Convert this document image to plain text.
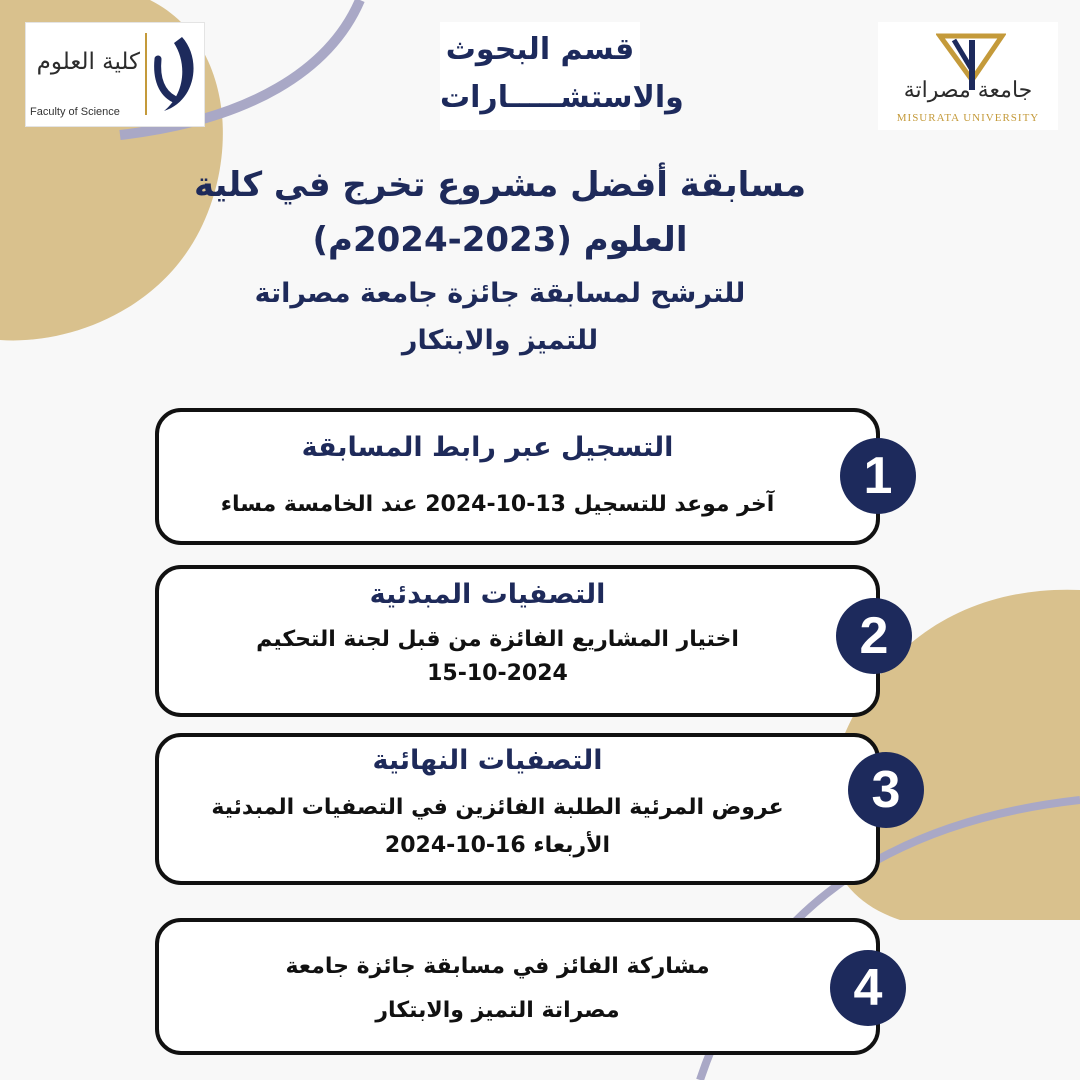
كلية العلوم
Faculty of Science
قسم البحوث
والاستشـــــارات	جامعة مصراتة
MISURATA UNIVERSITY
مسابقة أفضل مشروع تخرج في كلية
العلوم (2023-2024م)
للترشح لمسابقة جائزة جامعة مصراتة
للتميز والابتكار
التسجيل عبر رابط المسابقة
آخر موعد للتسجيل 13-10-2024 عند الخامسة مساء	1
التصفيات المبدئية
اختيار المشاريع الفائزة من قبل لجنة التحكيم
15-10-2024
2
التصفيات النهائية
عروض المرئية الطلبة الفائزين في التصفيات المبدئية
الأربعاء 16-10-2024
3
مشاركة الفائز في مسابقة جائزة جامعة
مصراتة التميز والابتكار	4
